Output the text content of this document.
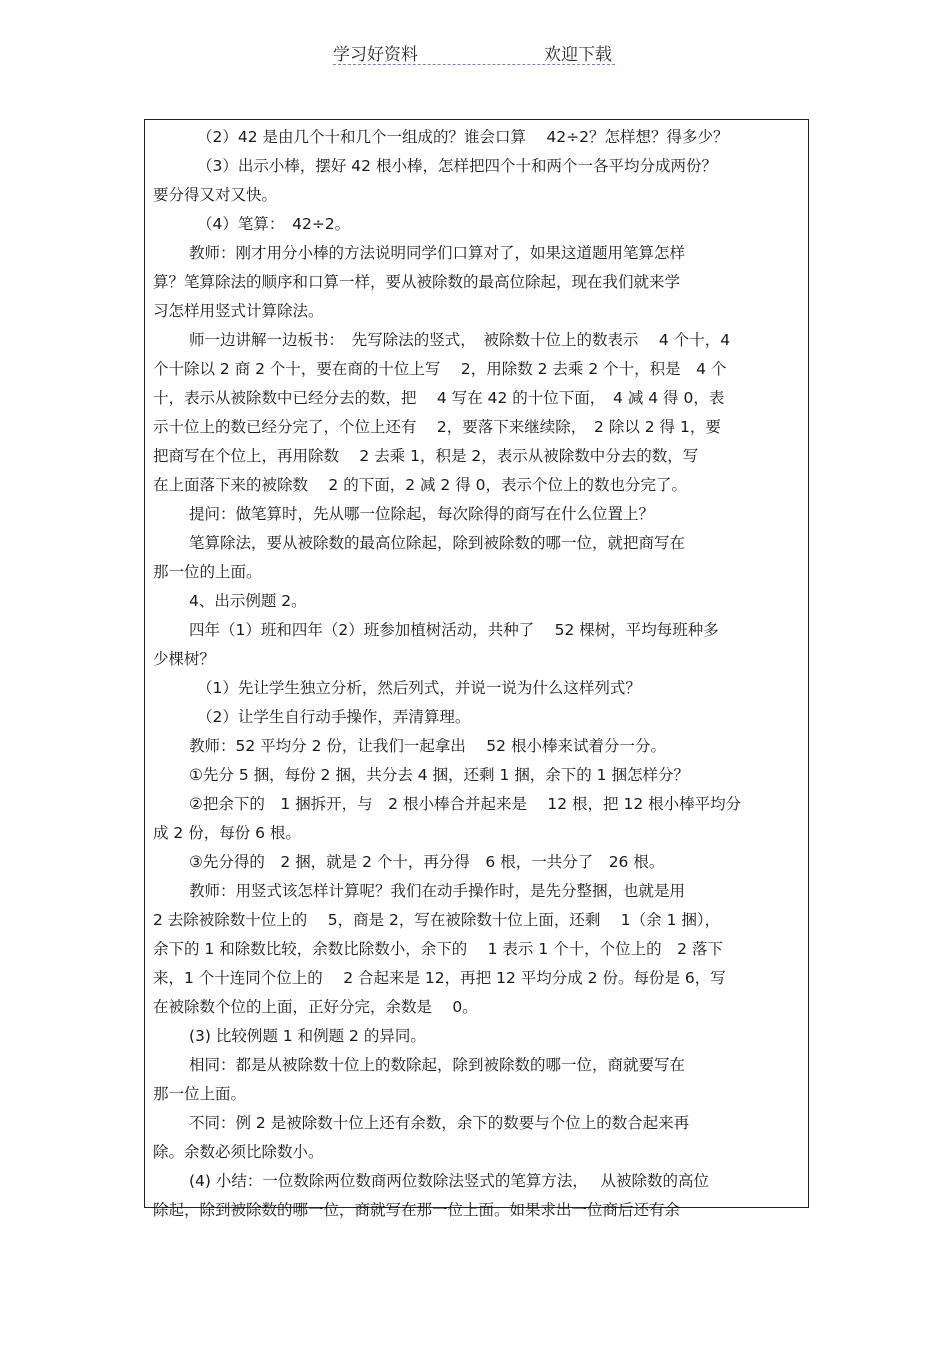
学习好资料	欢迎下载
（2）42 是由几个十和几个一组成的？谁会口算　 42÷2？怎样想？得多少？
（3）出示小棒，摆好 42 根小棒，怎样把四个十和两个一各平均分成两份？
要分得又对又快。
（4）笔算：　42÷2。
教师：刚才用分小棒的方法说明同学们口算对了，如果这道题用笔算怎样
算？笔算除法的顺序和口算一样，要从被除数的最高位除起，现在我们就来学
习怎样用竖式计算除法。
师一边讲解一边板书：　先写除法的竖式，　被除数十位上的数表示　 4 个十，4
个十除以 2 商 2 个十，要在商的十位上写　 2，用除数 2 去乘 2 个十，积是　4 个
十，表示从被除数中已经分去的数，把　 4 写在 42 的十位下面，　4 减 4 得 0，表
示十位上的数已经分完了，个位上还有　 2，要落下来继续除，　2 除以 2 得 1，要
把商写在个位上，再用除数　 2 去乘 1，积是 2，表示从被除数中分去的数，写
在上面落下来的被除数　 2 的下面，2 减 2 得 0，表示个位上的数也分完了。
提问：做笔算时，先从哪一位除起，每次除得的商写在什么位置上？
笔算除法，要从被除数的最高位除起，除到被除数的哪一位，就把商写在
那一位的上面。
4、出示例题 2。
四年（1）班和四年（2）班参加植树活动，共种了　 52 棵树，平均每班种多
少棵树？
（1）先让学生独立分析，然后列式，并说一说为什么这样列式？
（2）让学生自行动手操作，弄清算理。
教师：52 平均分 2 份，让我们一起拿出　 52 根小棒来试着分一分。
①先分 5 捆，每份 2 捆，共分去 4 捆，还剩 1 捆，余下的 1 捆怎样分？
②把余下的　1 捆拆开，与　2 根小棒合并起来是　 12 根，把 12 根小棒平均分
成 2 份，每份 6 根。
③先分得的　2 捆，就是 2 个十，再分得　6 根，一共分了　26 根。
教师：用竖式该怎样计算呢？我们在动手操作时，是先分整捆，也就是用
2 去除被除数十位上的　 5，商是 2，写在被除数十位上面，还剩　 1（余 1 捆），
余下的 1 和除数比较，余数比除数小，余下的　 1 表示 1 个十，个位上的　2 落下
来，1 个十连同个位上的　 2 合起来是 12，再把 12 平均分成 2 份。每份是 6，写
在被除数个位的上面，正好分完，余数是　 0。
(3) 比较例题 1 和例题 2 的异同。
相同：都是从被除数十位上的数除起，除到被除数的哪一位，商就要写在
那一位上面。
不同：例 2 是被除数十位上还有余数，余下的数要与个位上的数合起来再
除。余数必须比除数小。
(4) 小结：一位数除两位数商两位数除法竖式的笔算方法，　 从被除数的高位
除起，除到被除数的哪一位，商就写在那一位上面。如果求出一位商后还有余
